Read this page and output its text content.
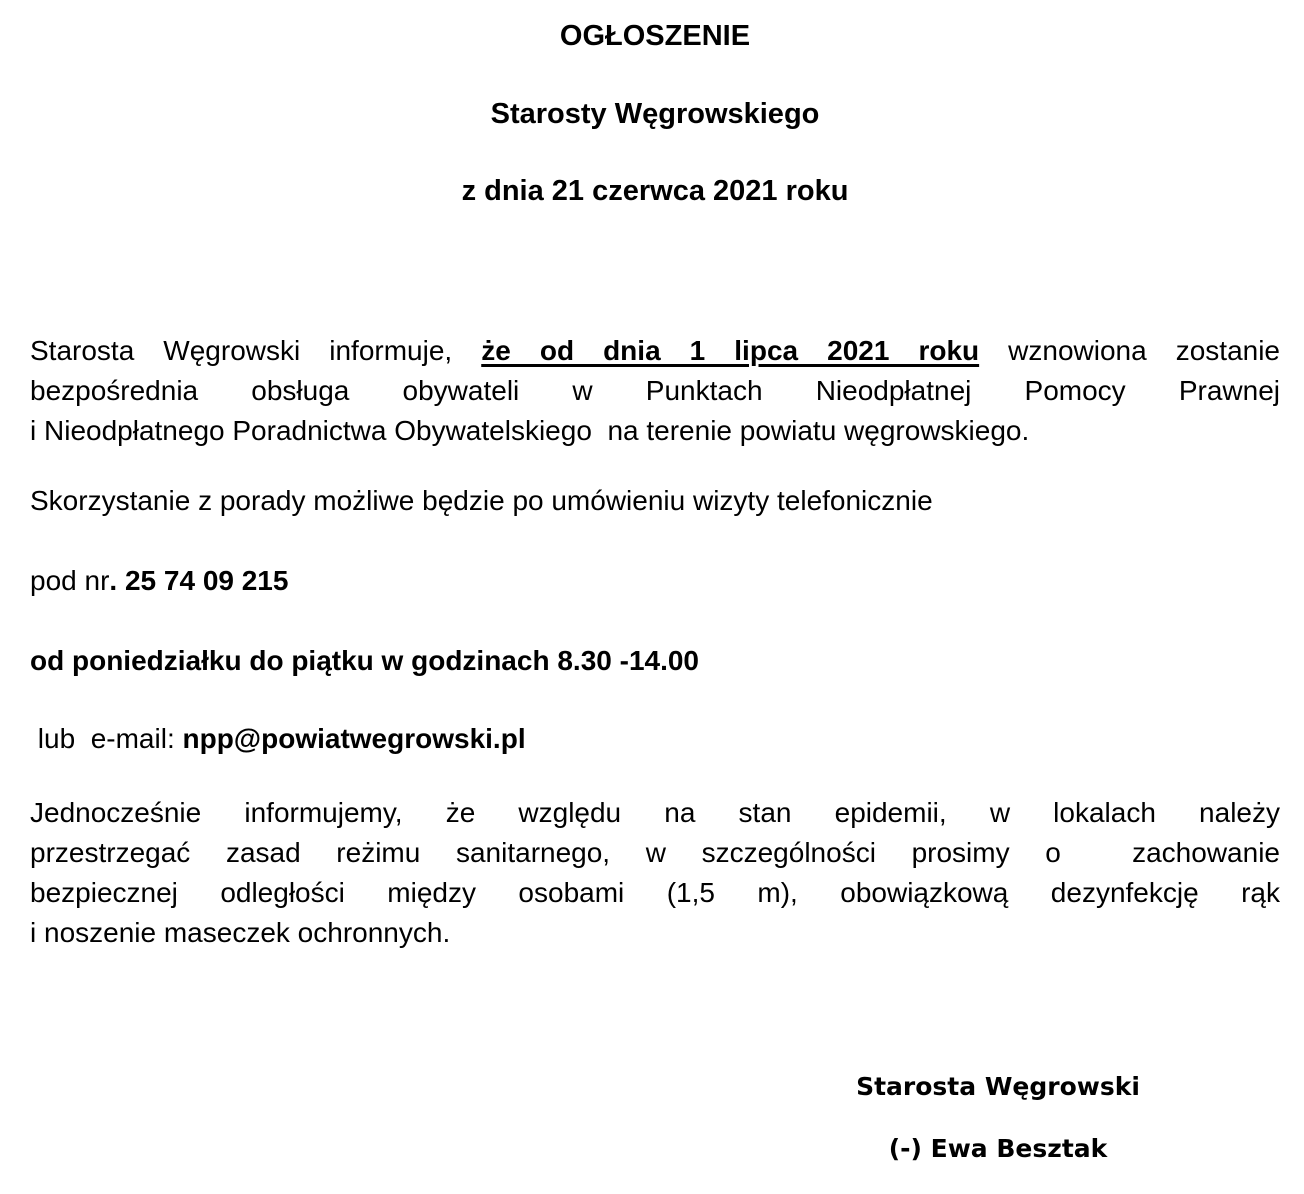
OGŁOSZENIE
Starosty Węgrowskiego
z dnia 21 czerwca 2021 roku
Starosta Węgrowski informuje, że od dnia 1 lipca 2021 roku wznowiona zostanie
bezpośrednia obsługa obywateli w Punktach Nieodpłatnej Pomocy Prawnej
i Nieodpłatnego Poradnictwa Obywatelskiego  na terenie powiatu węgrowskiego.
Skorzystanie z porady możliwe będzie po umówieniu wizyty telefonicznie
pod nr. 25 74 09 215
od poniedziałku do piątku w godzinach 8.30 -14.00
lub  e-mail: npp@powiatwegrowski.pl
Jednocześnie informujemy, że względu na stan epidemii, w lokalach należy
przestrzegać zasad reżimu sanitarnego, w szczególności prosimy o  zachowanie
bezpiecznej odległości między osobami (1,5 m), obowiązkową dezynfekcję rąk
i noszenie maseczek ochronnych.
Starosta Węgrowski
(-) Ewa Besztak
